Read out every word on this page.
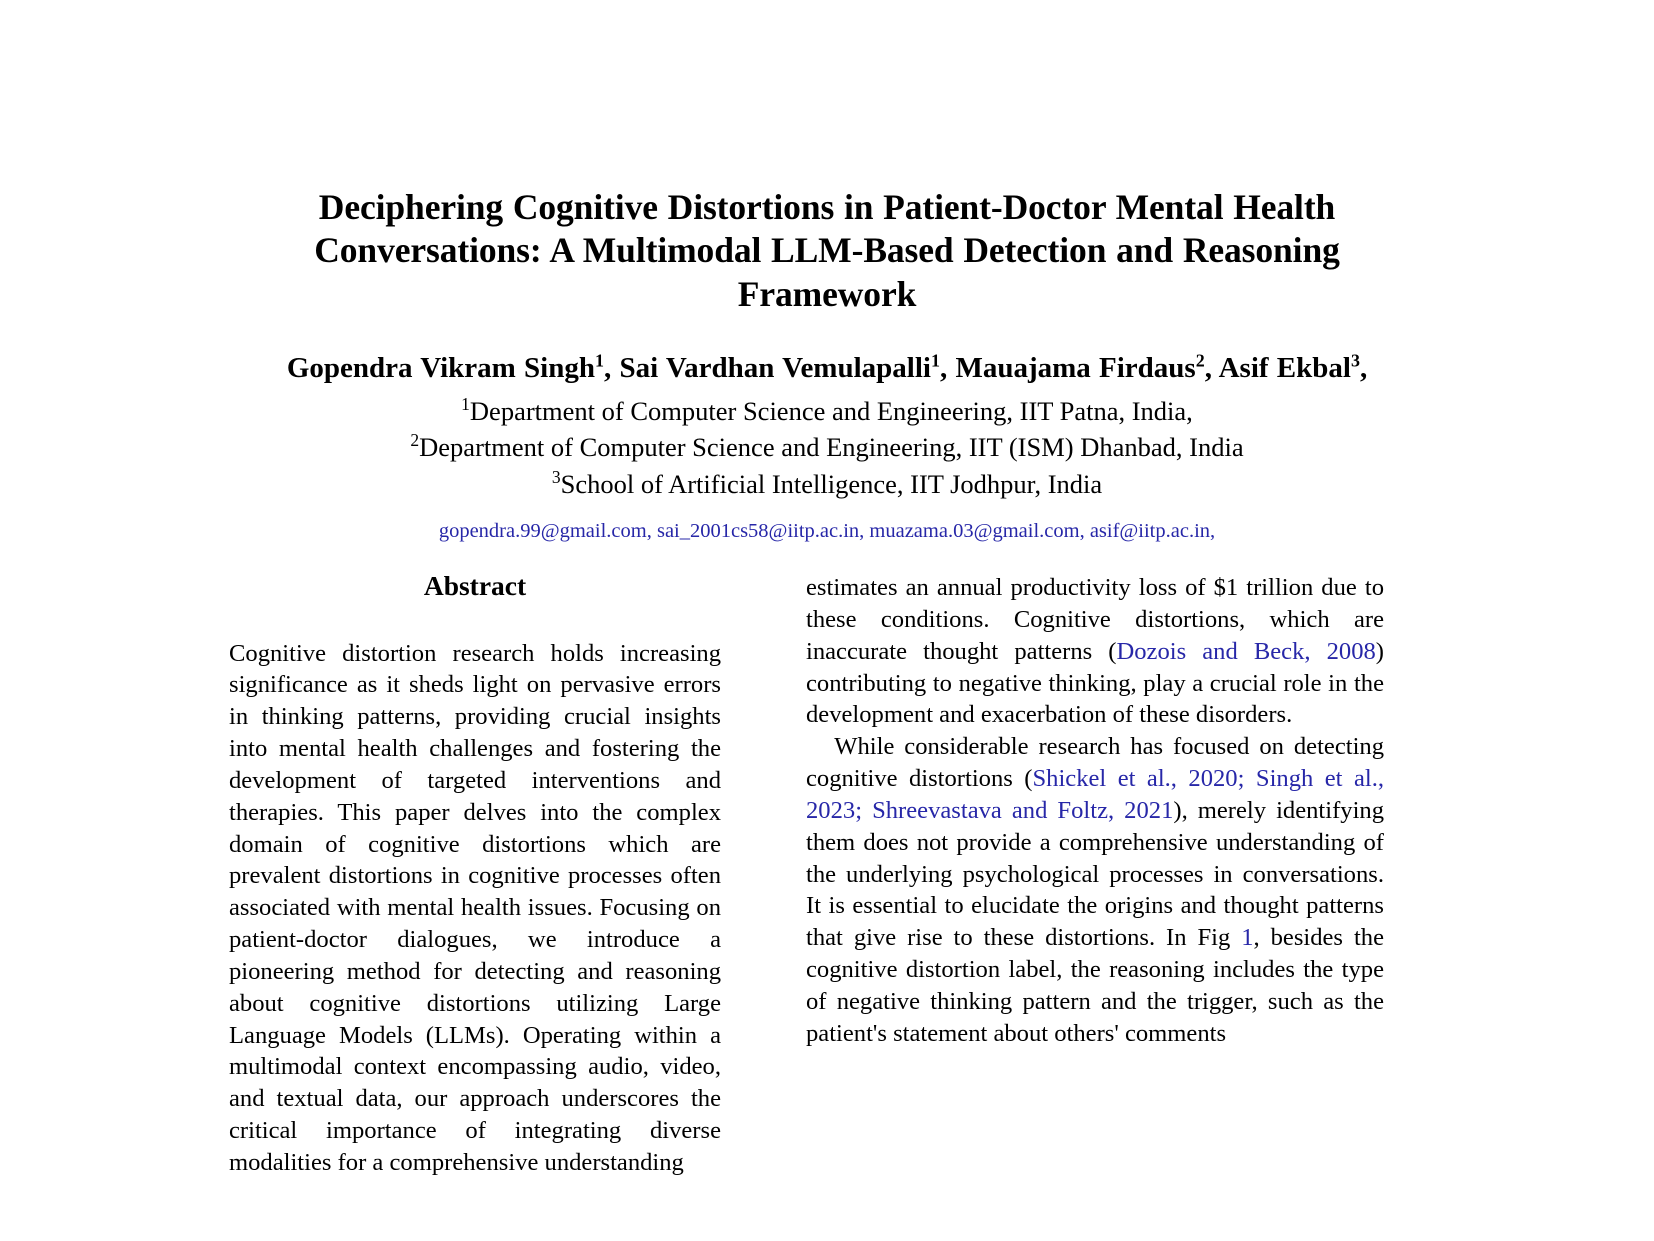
Deciphering Cognitive Distortions in Patient-Doctor Mental Health Conversations: A Multimodal LLM-Based Detection and Reasoning Framework
Gopendra Vikram Singh$^1$, Sai Vardhan Vemulapalli$^1$, Mauajama Firdaus$^2$, Asif Ekbal$^3$,
$^1$Department of Computer Science and Engineering, IIT Patna, India,
$^2$Department of Computer Science and Engineering, IIT (ISM) Dhanbad, India
$^3$School of Artificial Intelligence, IIT Jodhpur, India
gopendra.99@gmail.com, sai_2001cs58@iitp.ac.in, muazama.03@gmail.com, asif@iitp.ac.in,
Abstract

Cognitive distortion research holds increasing significance as it sheds light on pervasive errors in thinking patterns, providing crucial insights into mental health challenges and fostering the development of targeted interventions and therapies. This paper delves into the complex domain of cognitive distortions which are prevalent distortions in cognitive processes often associated with mental health issues. Focusing on patient-doctor dialogues, we introduce a pioneering method for detecting and reasoning about cognitive distortions utilizing Large Language Models (LLMs). Operating within a multimodal context encompassing audio, video, and textual data, our approach underscores the critical importance of integrating diverse modalities for a comprehensive understanding

estimates an annual productivity loss of $1 trillion due to these conditions. Cognitive distortions, which are inaccurate thought patterns (Dozois and Beck, 2008) contributing to negative thinking, play a crucial role in the development and exacerbation of these disorders.

While considerable research has focused on detecting cognitive distortions (Shickel et al., 2020; Singh et al., 2023; Shreevastava and Foltz, 2021), merely identifying them does not provide a comprehensive understanding of the underlying psychological processes in conversations. It is essential to elucidate the origins and thought patterns that give rise to these distortions. In Fig 1, besides the cognitive distortion label, the reasoning includes the type of negative thinking pattern and the trigger, such as the patient's statement about others' comments
